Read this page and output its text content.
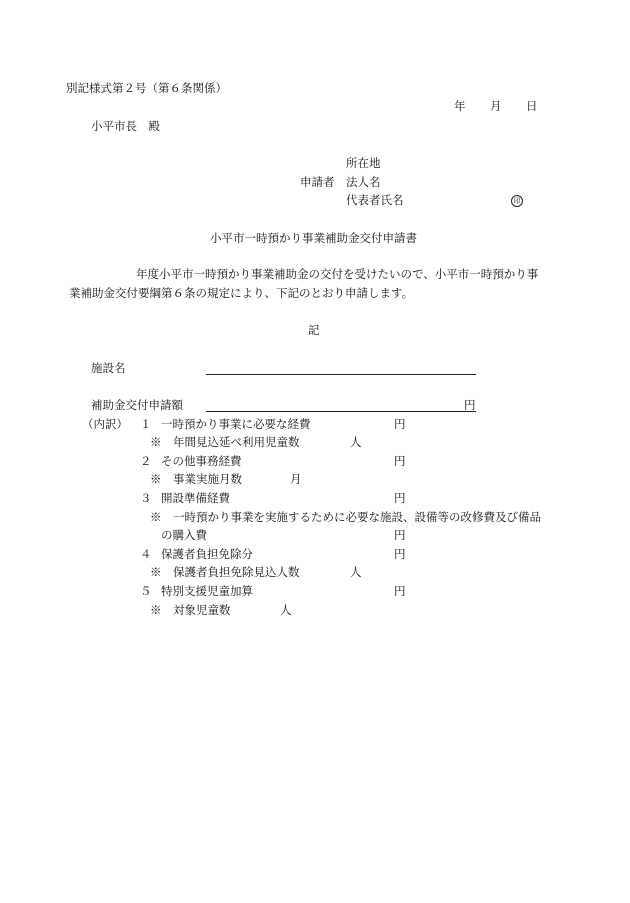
別記様式第２号（第６条関係）
年 月 日
小平市長　殿
所在地
申請者 法人名
代表者氏名	印
小平市一時預かり事業補助金交付申請書
年度小平市一時預かり事業補助金の交付を受けたいので、小平市一時預かり事
業補助金交付要綱第６条の規定により、下記のとおり申請します。
記
施設名
補助金交付申請額	円
（内訳） １ 一時預かり事業に必要な経費	円
※　年間見込延べ利用児童数	人
２ その他事務経費	円
※　事業実施月数	月
３ 開設準備経費	円
※　一時預かり事業を実施するために必要な施設、設備等の改修費及び備品
の購入費	円
４ 保護者負担免除分	円
※　保護者負担免除見込人数	人
５ 特別支援児童加算	円
※　対象児童数	人
